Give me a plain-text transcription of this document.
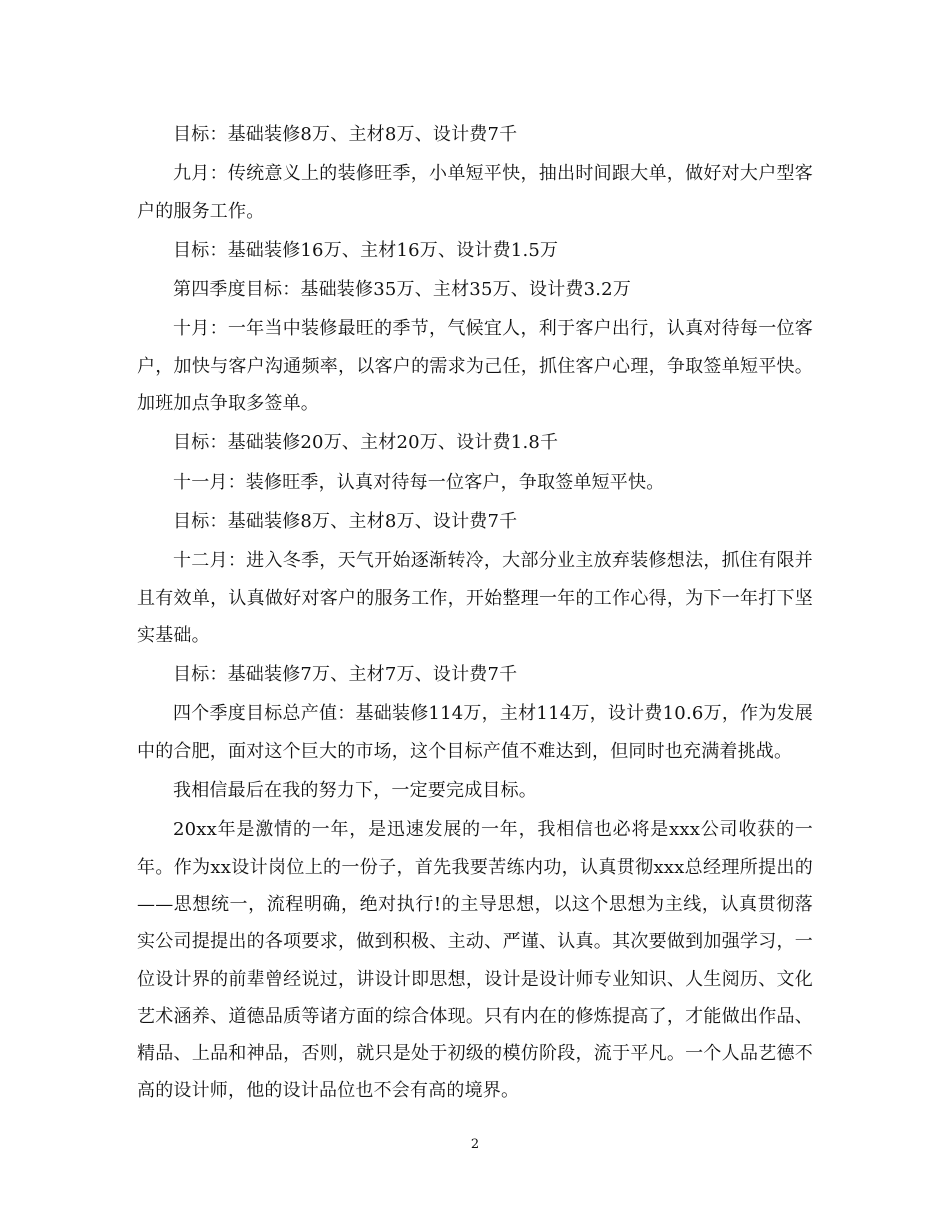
目标：基础装修8万、主材8万、设计费7千

九月：传统意义上的装修旺季，小单短平快，抽出时间跟大单，做好对大户型客户的服务工作。

目标：基础装修16万、主材16万、设计费1.5万

第四季度目标：基础装修35万、主材35万、设计费3.2万

十月：一年当中装修最旺的季节，气候宜人，利于客户出行，认真对待每一位客户，加快与客户沟通频率，以客户的需求为己任，抓住客户心理，争取签单短平快。加班加点争取多签单。

目标：基础装修20万、主材20万、设计费1.8千

十一月：装修旺季，认真对待每一位客户，争取签单短平快。

目标：基础装修8万、主材8万、设计费7千

十二月：进入冬季，天气开始逐渐转冷，大部分业主放弃装修想法，抓住有限并且有效单，认真做好对客户的服务工作，开始整理一年的工作心得，为下一年打下坚实基础。

目标：基础装修7万、主材7万、设计费7千

四个季度目标总产值：基础装修114万，主材114万，设计费10.6万，作为发展中的合肥，面对这个巨大的市场，这个目标产值不难达到，但同时也充满着挑战。

我相信最后在我的努力下，一定要完成目标。

20xx年是激情的一年，是迅速发展的一年，我相信也必将是xxx公司收获的一年。作为xx设计岗位上的一份子，首先我要苦练内功，认真贯彻xxx总经理所提出的——思想统一，流程明确，绝对执行!的主导思想，以这个思想为主线，认真贯彻落实公司提提出的各项要求，做到积极、主动、严谨、认真。其次要做到加强学习，一位设计界的前辈曾经说过，讲设计即思想，设计是设计师专业知识、人生阅历、文化艺术涵养、道德品质等诸方面的综合体现。只有内在的修炼提高了，才能做出作品、精品、上品和神品，否则，就只是处于初级的模仿阶段，流于平凡。一个人品艺德不高的设计师，他的设计品位也不会有高的境界。

2
